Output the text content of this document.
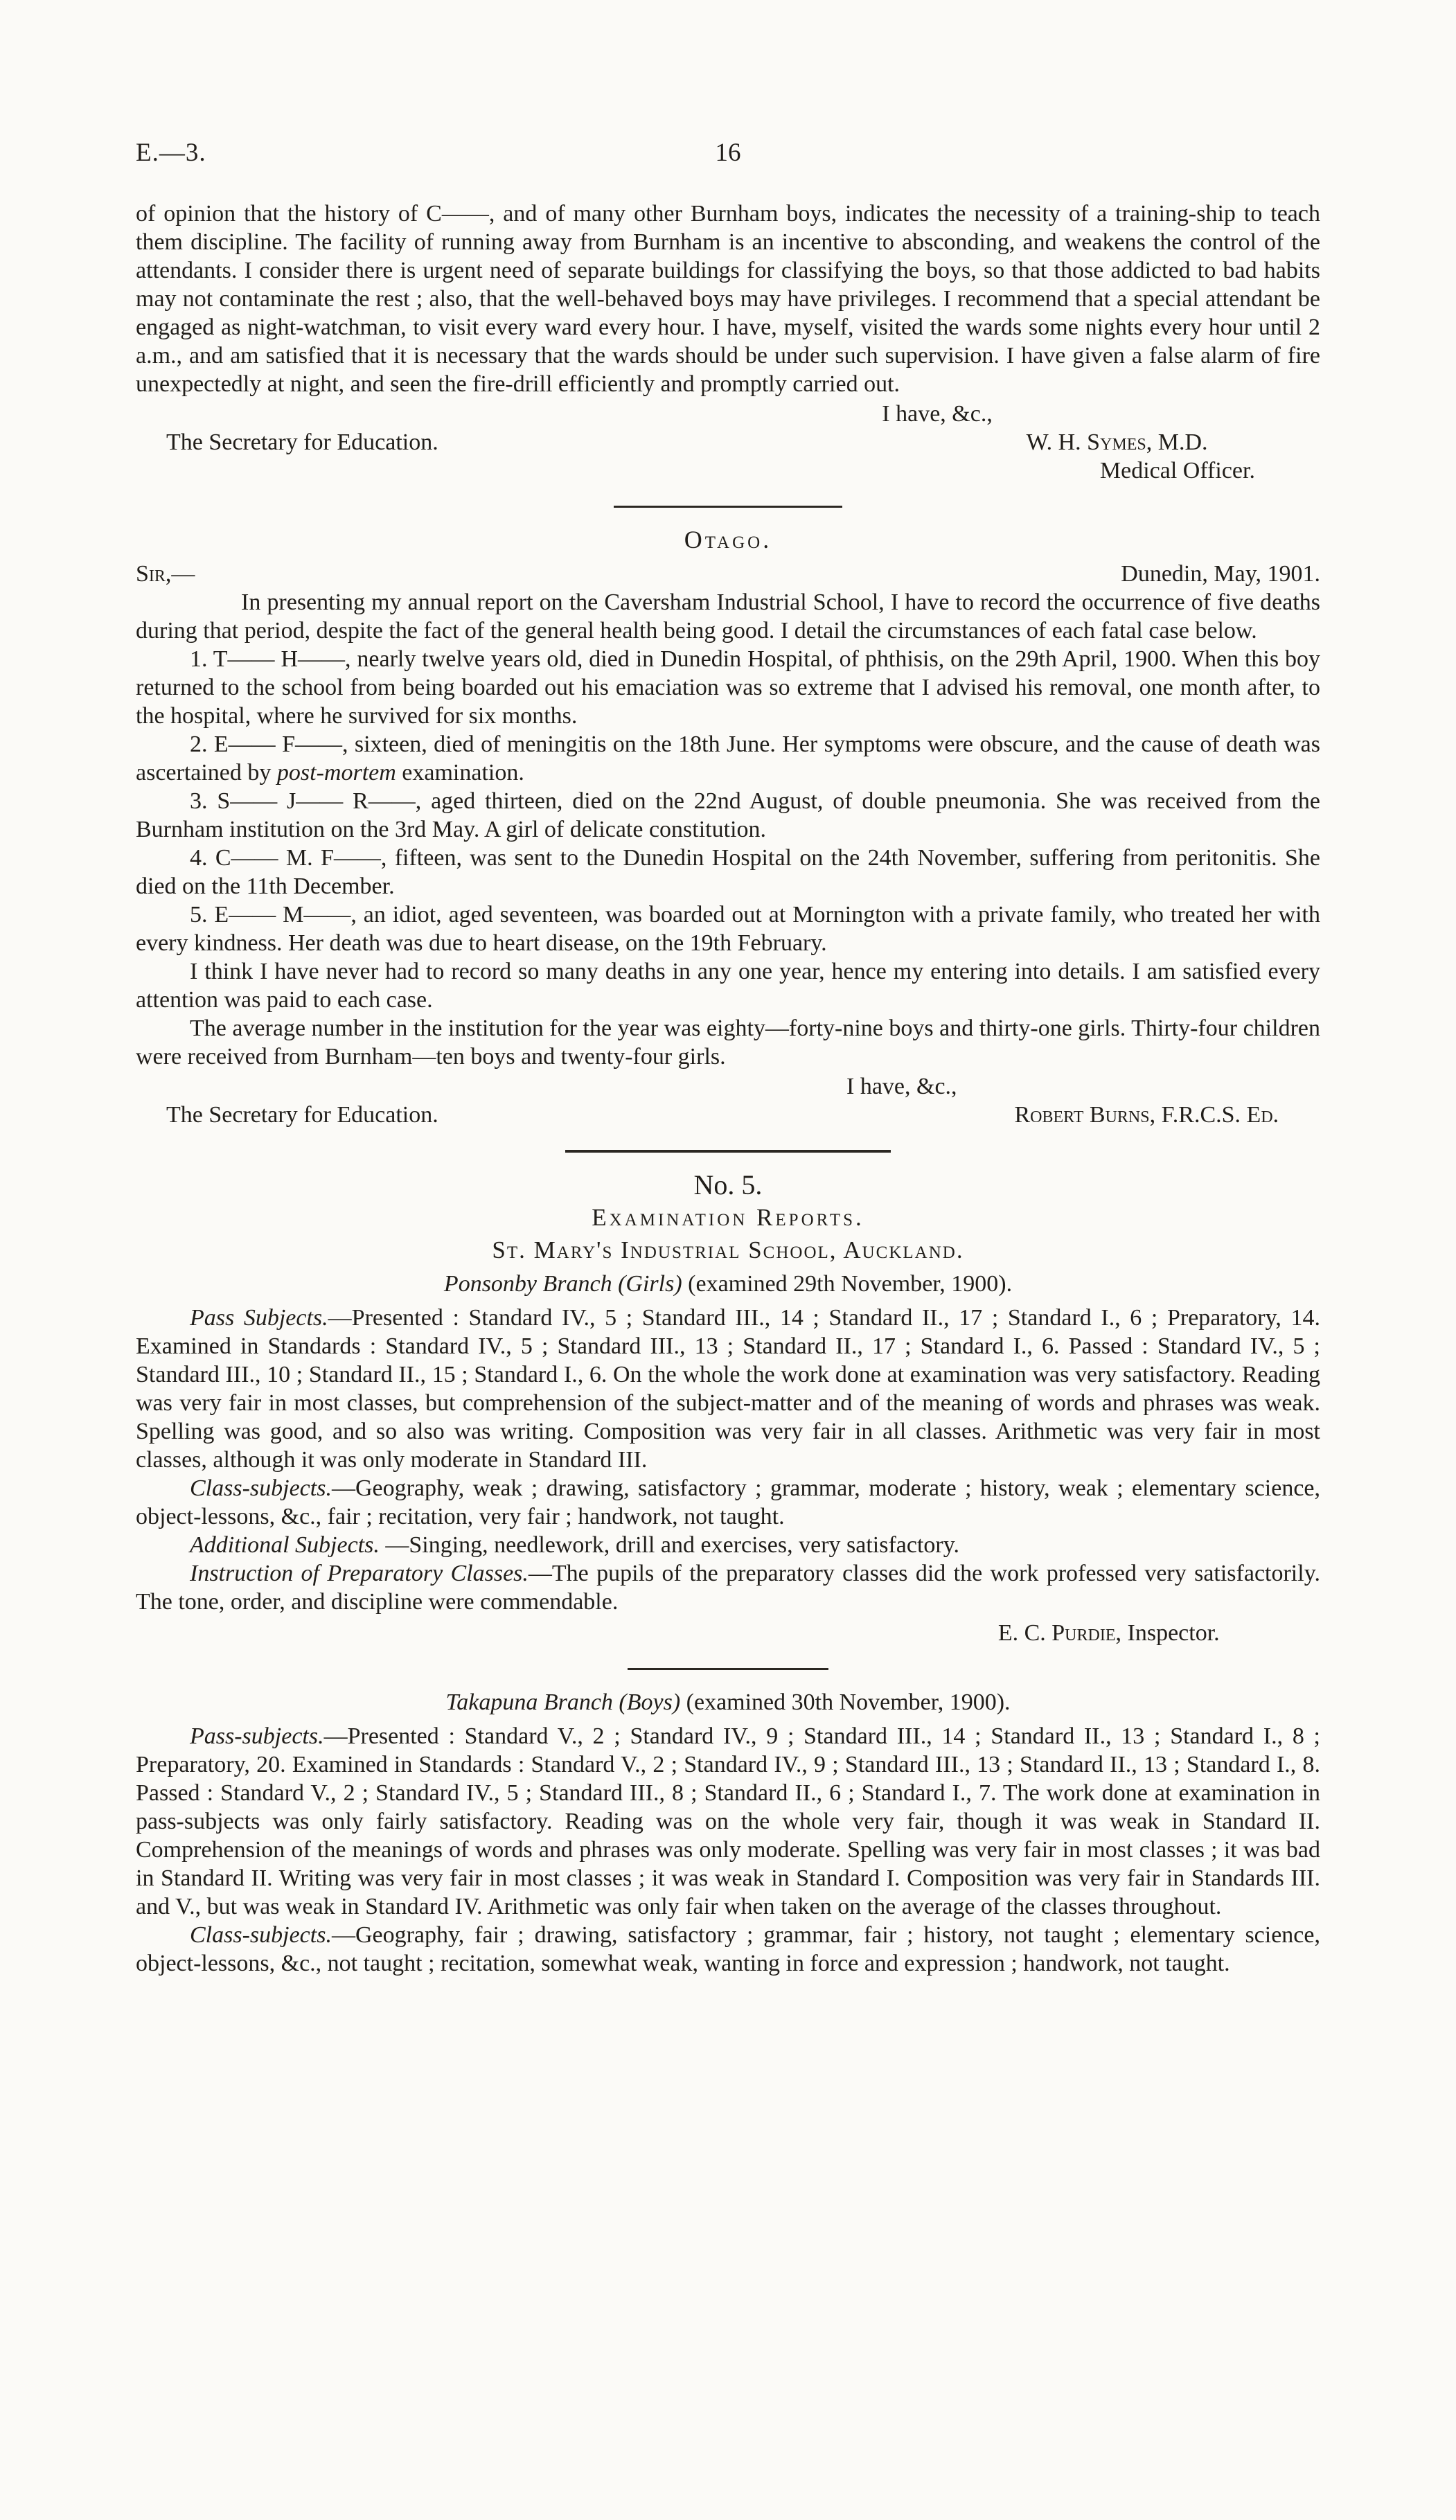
E.—3.	16

of opinion that the history of C——, and of many other Burnham boys, indicates the necessity of a training-ship to teach them discipline. The facility of running away from Burnham is an incentive to absconding, and weakens the control of the attendants. I consider there is urgent need of separate buildings for classifying the boys, so that those addicted to bad habits may not contaminate the rest ; also, that the well-behaved boys may have privileges. I recommend that a special attendant be engaged as night-watchman, to visit every ward every hour. I have, myself, visited the wards some nights every hour until 2 a.m., and am satisfied that it is necessary that the wards should be under such supervision. I have given a false alarm of fire unexpectedly at night, and seen the fire-drill efficiently and promptly carried out.

I have, &c.,
The Secretary for Education.	W. H. Symes, M.D.
Medical Officer.
Otago.
Sir,—	Dunedin, May, 1901.

In presenting my annual report on the Caversham Industrial School, I have to record the occurrence of five deaths during that period, despite the fact of the general health being good. I detail the circumstances of each fatal case below.

1. T—— H——, nearly twelve years old, died in Dunedin Hospital, of phthisis, on the 29th April, 1900. When this boy returned to the school from being boarded out his emaciation was so extreme that I advised his removal, one month after, to the hospital, where he survived for six months.

2. E—— F——, sixteen, died of meningitis on the 18th June. Her symptoms were obscure, and the cause of death was ascertained by post-mortem examination.

3. S—— J—— R——, aged thirteen, died on the 22nd August, of double pneumonia. She was received from the Burnham institution on the 3rd May. A girl of delicate constitution.

4. C—— M. F——, fifteen, was sent to the Dunedin Hospital on the 24th November, suffering from peritonitis. She died on the 11th December.

5. E—— M——, an idiot, aged seventeen, was boarded out at Mornington with a private family, who treated her with every kindness. Her death was due to heart disease, on the 19th February.

I think I have never had to record so many deaths in any one year, hence my entering into details. I am satisfied every attention was paid to each case.

The average number in the institution for the year was eighty—forty-nine boys and thirty-one girls. Thirty-four children were received from Burnham—ten boys and twenty-four girls.

I have, &c.,
The Secretary for Education.	Robert Burns, F.R.C.S. Ed.
No. 5.
Examination Reports.
St. Mary's Industrial School, Auckland.
Ponsonby Branch (Girls) (examined 29th November, 1900).

Pass Subjects.—Presented : Standard IV., 5 ; Standard III., 14 ; Standard II., 17 ; Standard I., 6 ; Preparatory, 14. Examined in Standards : Standard IV., 5 ; Standard III., 13 ; Standard II., 17 ; Standard I., 6. Passed : Standard IV., 5 ; Standard III., 10 ; Standard II., 15 ; Standard I., 6. On the whole the work done at examination was very satisfactory. Reading was very fair in most classes, but comprehension of the subject-matter and of the meaning of words and phrases was weak. Spelling was good, and so also was writing. Composition was very fair in all classes. Arithmetic was very fair in most classes, although it was only moderate in Standard III.

Class-subjects.—Geography, weak ; drawing, satisfactory ; grammar, moderate ; history, weak ; elementary science, object-lessons, &c., fair ; recitation, very fair ; handwork, not taught.

Additional Subjects. —Singing, needlework, drill and exercises, very satisfactory.

Instruction of Preparatory Classes.—The pupils of the preparatory classes did the work professed very satisfactorily. The tone, order, and discipline were commendable.

E. C. Purdie, Inspector.
Takapuna Branch (Boys) (examined 30th November, 1900).

Pass-subjects.—Presented : Standard V., 2 ; Standard IV., 9 ; Standard III., 14 ; Standard II., 13 ; Standard I., 8 ; Preparatory, 20. Examined in Standards : Standard V., 2 ; Standard IV., 9 ; Standard III., 13 ; Standard II., 13 ; Standard I., 8. Passed : Standard V., 2 ; Standard IV., 5 ; Standard III., 8 ; Standard II., 6 ; Standard I., 7. The work done at examination in pass-subjects was only fairly satisfactory. Reading was on the whole very fair, though it was weak in Standard II. Comprehension of the meanings of words and phrases was only moderate. Spelling was very fair in most classes ; it was bad in Standard II. Writing was very fair in most classes ; it was weak in Standard I. Composition was very fair in Standards III. and V., but was weak in Standard IV. Arithmetic was only fair when taken on the average of the classes throughout.

Class-subjects.—Geography, fair ; drawing, satisfactory ; grammar, fair ; history, not taught ; elementary science, object-lessons, &c., not taught ; recitation, somewhat weak, wanting in force and expression ; handwork, not taught.
